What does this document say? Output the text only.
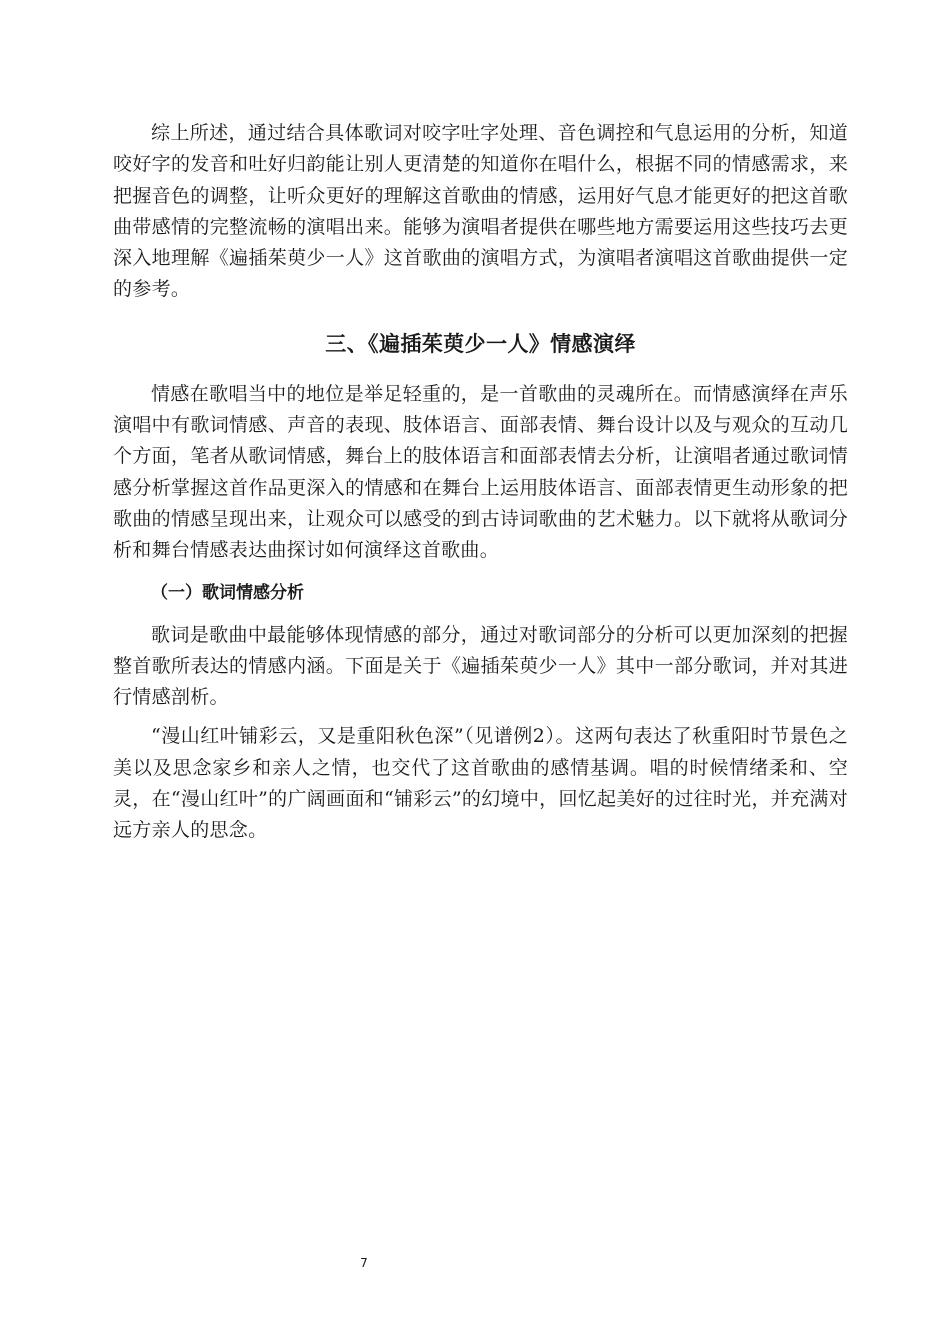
综上所述，通过结合具体歌词对咬字吐字处理、音色调控和气息运用的分析，知道咬好字的发音和吐好归韵能让别人更清楚的知道你在唱什么，根据不同的情感需求，来把握音色的调整，让听众更好的理解这首歌曲的情感，运用好气息才能更好的把这首歌曲带感情的完整流畅的演唱出来。能够为演唱者提供在哪些地方需要运用这些技巧去更深入地理解《遍插茱萸少一人》这首歌曲的演唱方式，为演唱者演唱这首歌曲提供一定的参考。

三、《遍插茱萸少一人》情感演绎

情感在歌唱当中的地位是举足轻重的，是一首歌曲的灵魂所在。而情感演绎在声乐演唱中有歌词情感、声音的表现、肢体语言、面部表情、舞台设计以及与观众的互动几个方面，笔者从歌词情感，舞台上的肢体语言和面部表情去分析，让演唱者通过歌词情感分析掌握这首作品更深入的情感和在舞台上运用肢体语言、面部表情更生动形象的把歌曲的情感呈现出来，让观众可以感受的到古诗词歌曲的艺术魅力。以下就将从歌词分析和舞台情感表达曲探讨如何演绎这首歌曲。

（一）歌词情感分析

歌词是歌曲中最能够体现情感的部分，通过对歌词部分的分析可以更加深刻的把握整首歌所表达的情感内涵。下面是关于《遍插茱萸少一人》其中一部分歌词，并对其进行情感剖析。

“漫山红叶铺彩云，又是重阳秋色深”（见谱例2）。这两句表达了秋重阳时节景色之美以及思念家乡和亲人之情，也交代了这首歌曲的感情基调。唱的时候情绪柔和、空灵，在“漫山红叶”的广阔画面和“铺彩云”的幻境中，回忆起美好的过往时光，并充满对远方亲人的思念。

7
